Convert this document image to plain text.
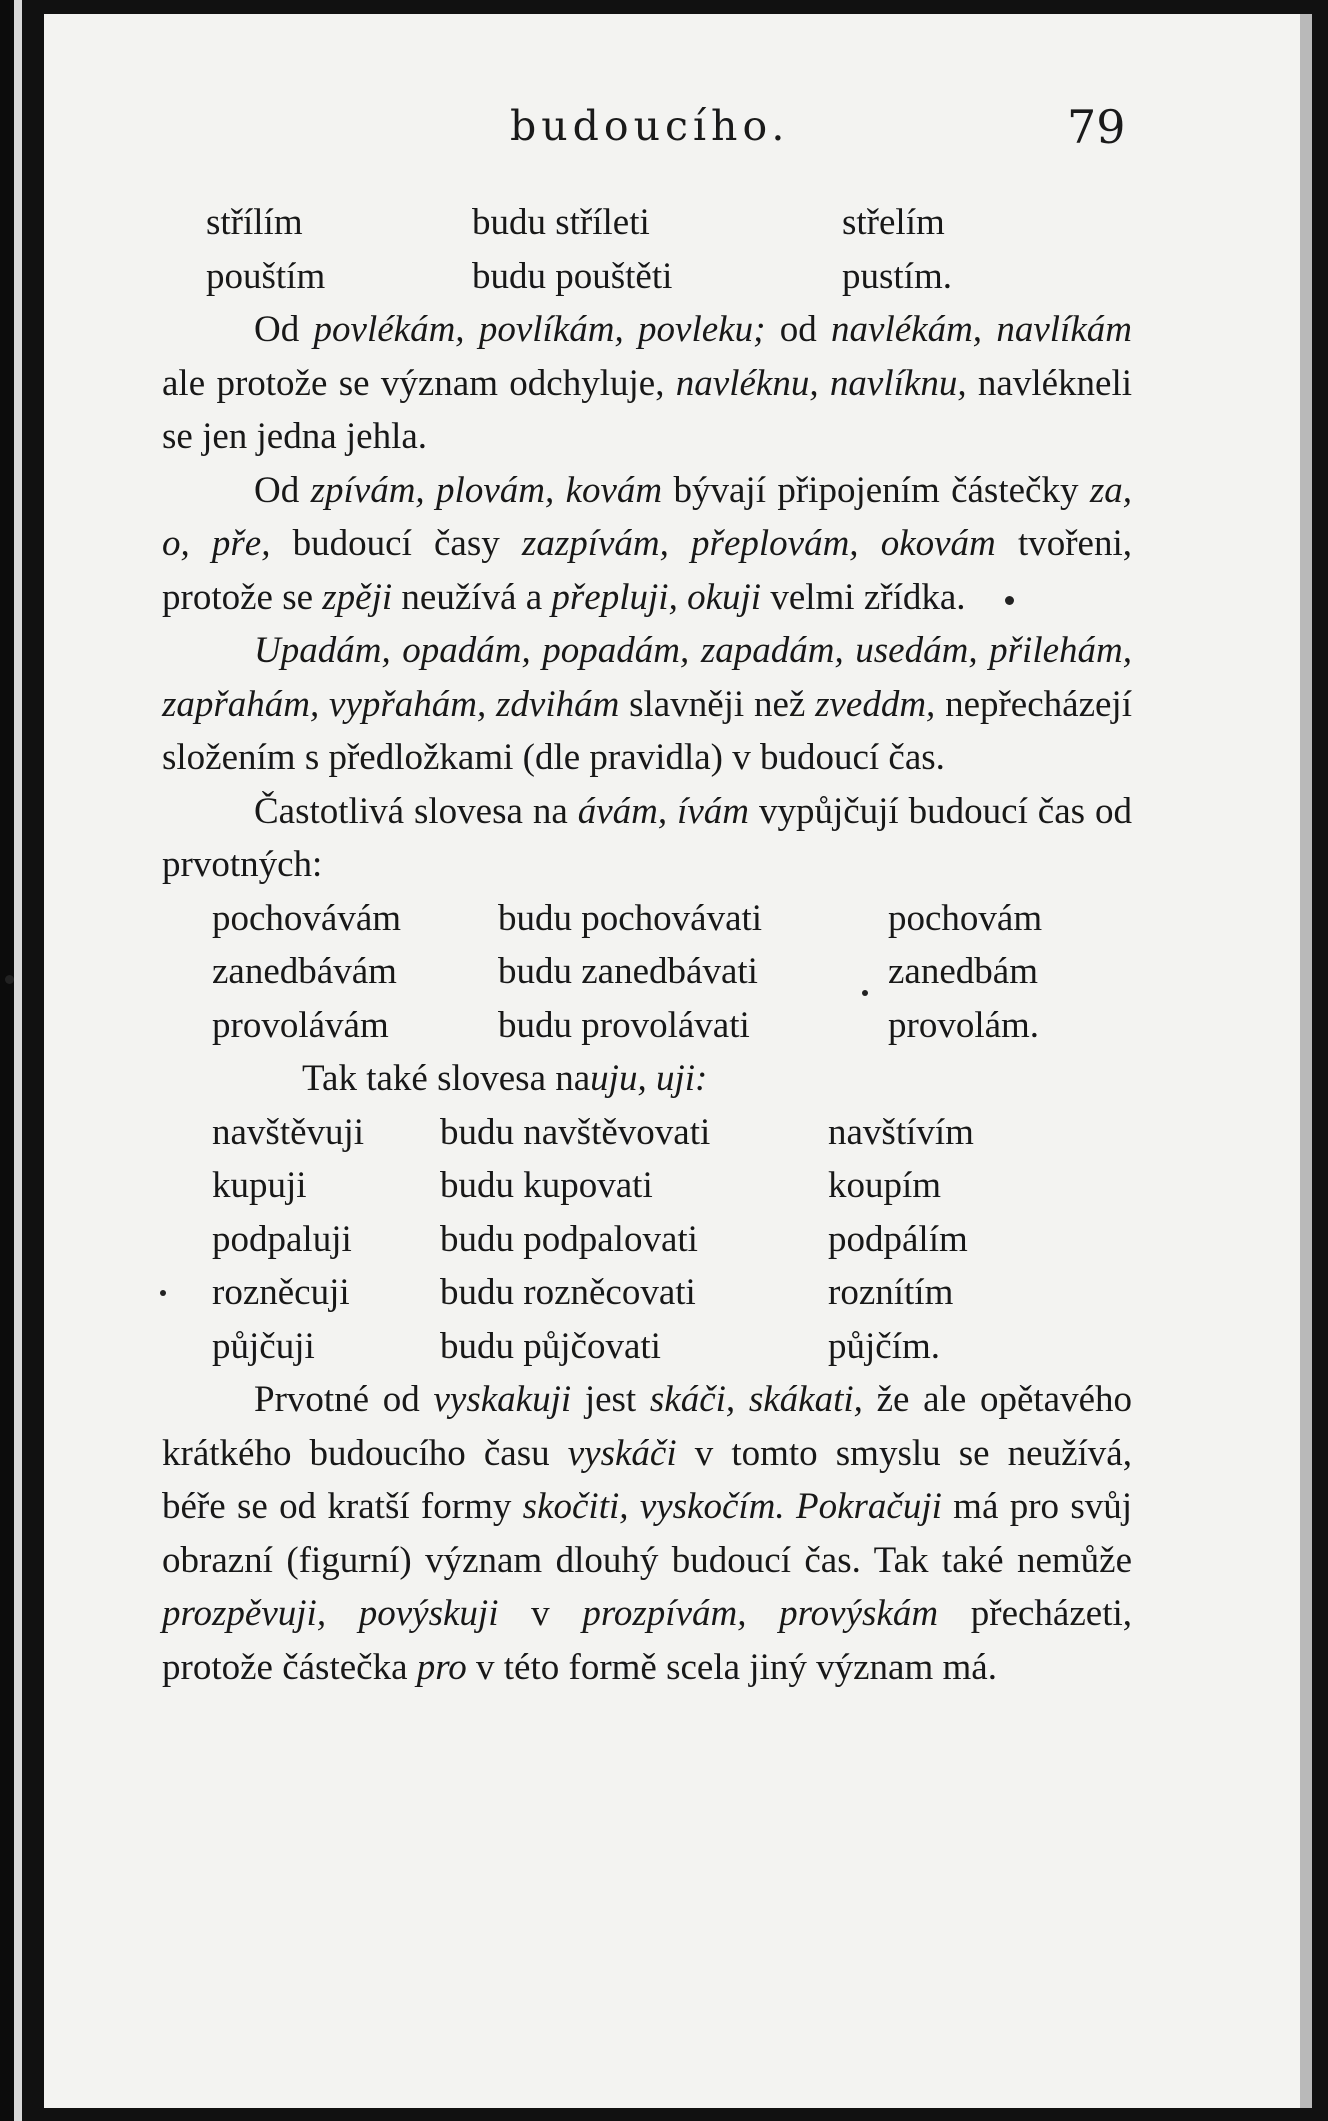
budoucího.	79
střílím	budu stříleti	střelím
pouštím	budu pouštěti	pustím.

Od povlékám, povlíkám, povleku; od navlékám, navlíkám ale protože se význam odchyluje, navléknu, navlíknu, navlékneli se jen jedna jehla.

Od zpívám, plovám, kovám bývají připojením částečky za, o, pře, budoucí časy zazpívám, přeplovám, okovám tvořeni, protože se zpěji neužívá a přepluji, okuji velmi zřídka.

Upadám, opadám, popadám, zapadám, usedám, přilehám, zapřahám, vypřahám, zdvihám slavněji než zveddm, nepřecházejí složením s předložkami (dle pravidla) v budoucí čas.

Častotlivá slovesa na ávám, ívám vypůjčují budoucí čas od prvotných:

pochovávám	budu pochovávati	pochovám
zanedbávám	budu zanedbávati	zanedbám
provolávám	budu provolávati	provolám.
Tak také slovesa na uju, uji:
navštěvuji	budu navštěvovati	navštívím
kupuji	budu kupovati	koupím
podpaluji	budu podpalovati	podpálím
rozněcuji	budu rozněcovati	roznítím
půjčuji	budu půjčovati	půjčím.

Prvotné od vyskakuji jest skáči, skákati, že ale opětavého krátkého budoucího času vyskáči v tomto smyslu se neužívá, béře se od kratší formy skočiti, vyskočím. Pokračuji má pro svůj obrazní (figurní) význam dlouhý budoucí čas. Tak také nemůže prozpěvuji, povýskuji v prozpívám, provýskám přecházeti, protože částečka pro v této formě scela jiný význam má.
